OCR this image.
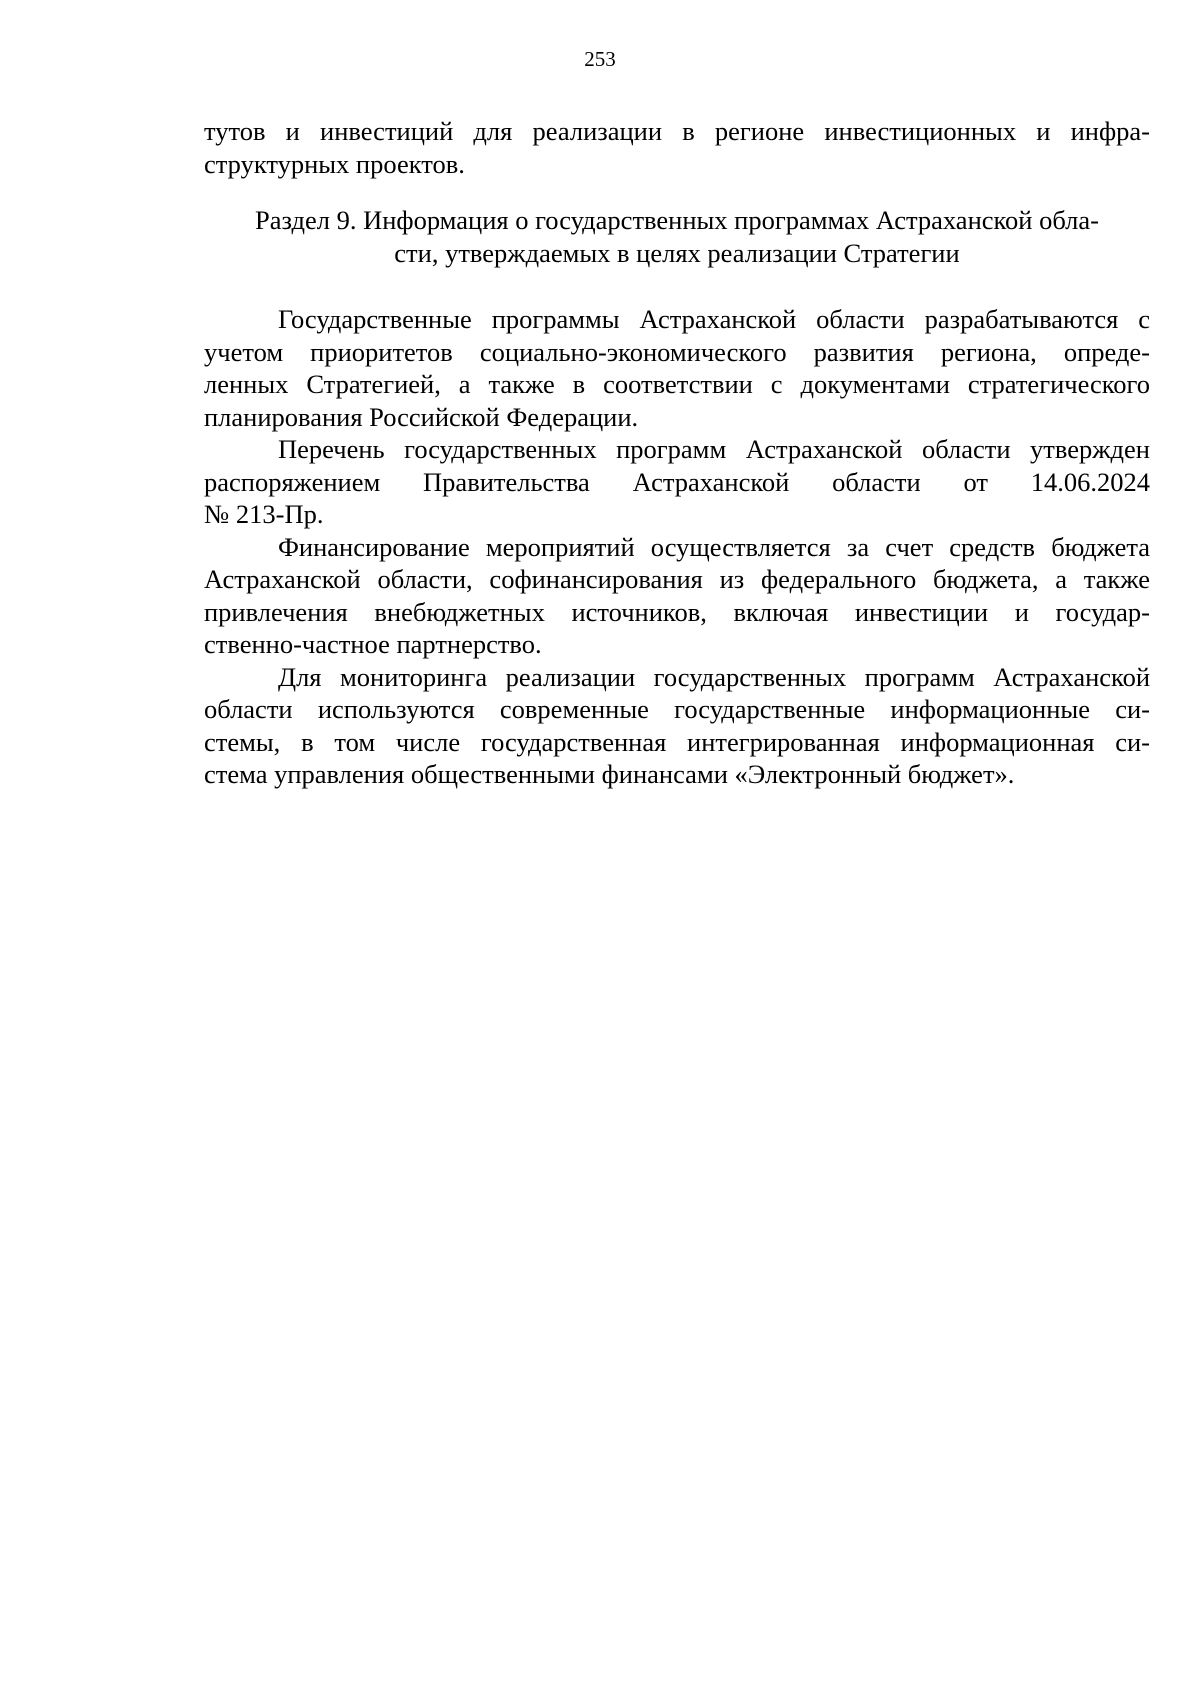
253

тутов и инвестиций для реализации в регионе инвестиционных и инфра-
структурных проектов.

Раздел 9. Информация о государственных программах Астраханской обла-
сти, утверждаемых в целях реализации Стратегии

Государственные программы Астраханской области разрабатываются с
учетом приоритетов социально-экономического развития региона, опреде-
ленных Стратегией, а также в соответствии с документами стратегического
планирования Российской Федерации.

Перечень государственных программ Астраханской области утвержден
распоряжением Правительства Астраханской области от 14.06.2024
№ 213-Пр.

Финансирование мероприятий осуществляется за счет средств бюджета
Астраханской области, софинансирования из федерального бюджета, а также
привлечения внебюджетных источников, включая инвестиции и государ-
ственно-частное партнерство.

Для мониторинга реализации государственных программ Астраханской
области используются современные государственные информационные си-
стемы, в том числе государственная интегрированная информационная си-
стема управления общественными финансами «Электронный бюджет».
